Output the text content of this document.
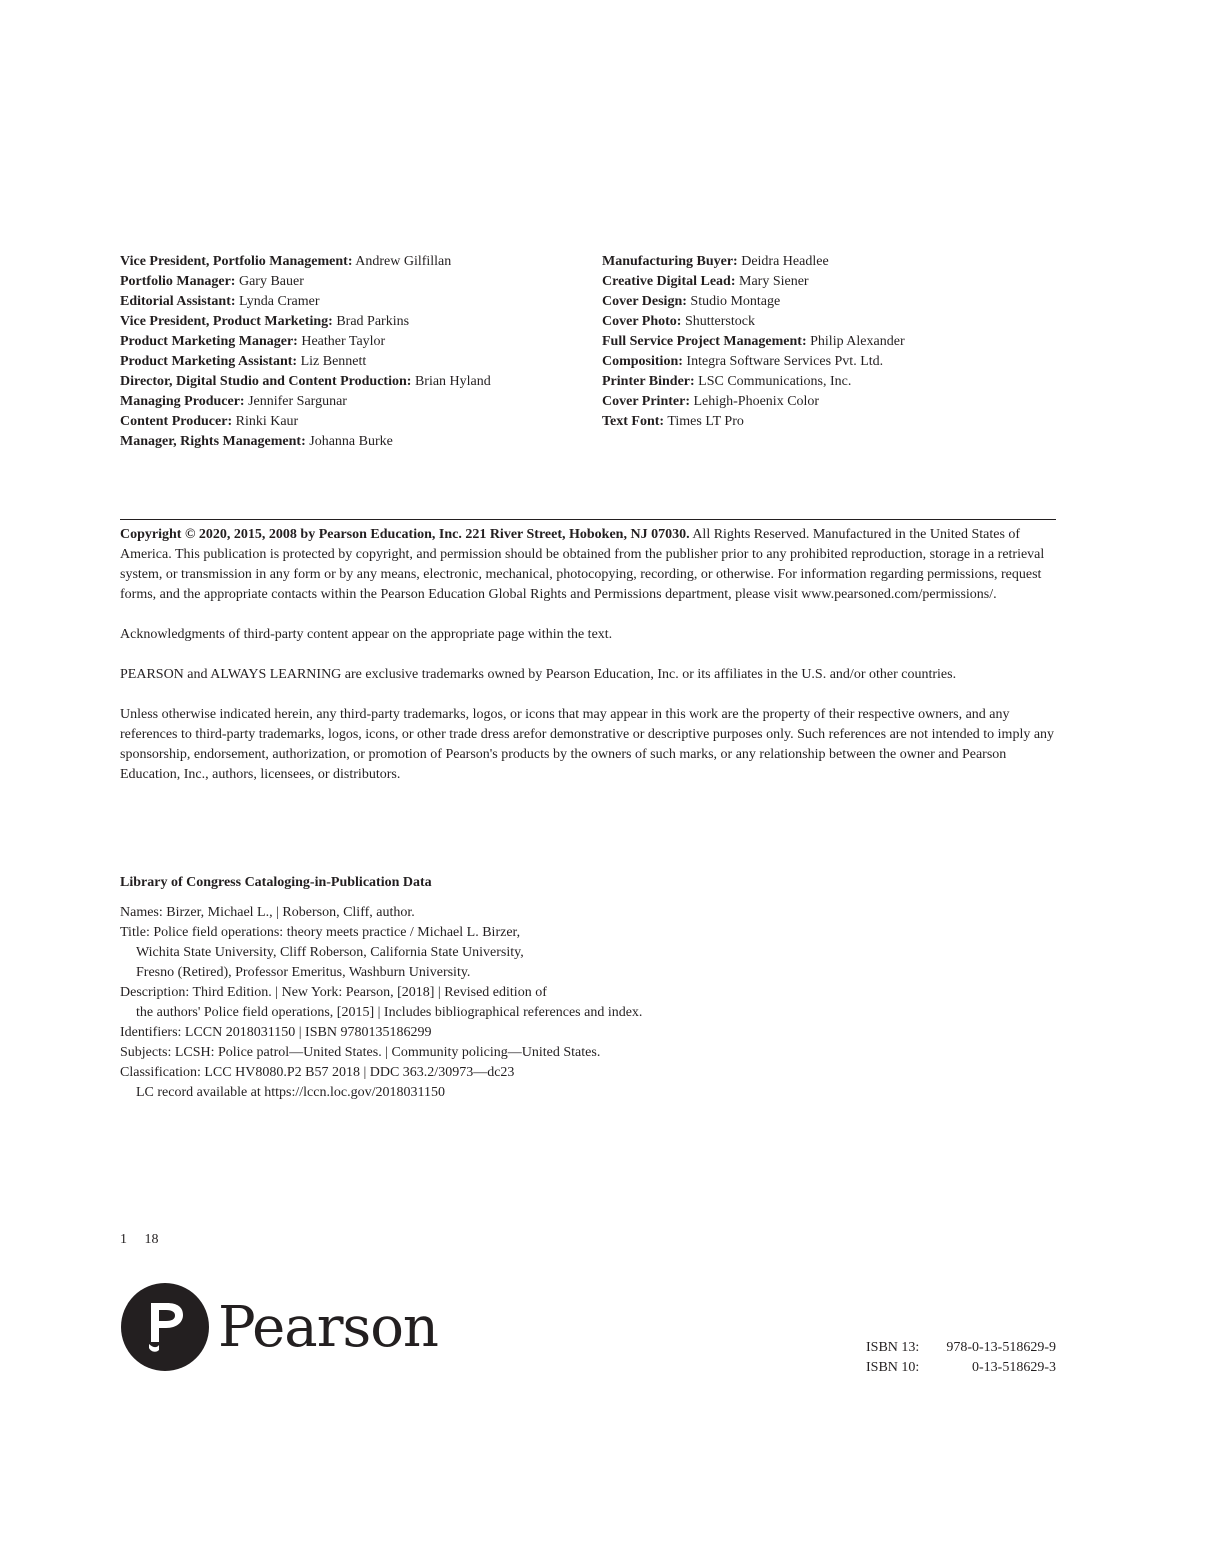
Vice President, Portfolio Management: Andrew Gilfillan
Portfolio Manager: Gary Bauer
Editorial Assistant: Lynda Cramer
Vice President, Product Marketing: Brad Parkins
Product Marketing Manager: Heather Taylor
Product Marketing Assistant: Liz Bennett
Director, Digital Studio and Content Production: Brian Hyland
Managing Producer: Jennifer Sargunar
Content Producer: Rinki Kaur
Manager, Rights Management: Johanna Burke
Manufacturing Buyer: Deidra Headlee
Creative Digital Lead: Mary Siener
Cover Design: Studio Montage
Cover Photo: Shutterstock
Full Service Project Management: Philip Alexander
Composition: Integra Software Services Pvt. Ltd.
Printer Binder: LSC Communications, Inc.
Cover Printer: Lehigh-Phoenix Color
Text Font: Times LT Pro

Copyright © 2020, 2015, 2008 by Pearson Education, Inc. 221 River Street, Hoboken, NJ 07030. All Rights Reserved. Manufactured in the United States of America. This publication is protected by copyright, and permission should be obtained from the publisher prior to any prohibited reproduction, storage in a retrieval system, or transmission in any form or by any means, electronic, mechanical, photocopying, recording, or otherwise. For information regarding permissions, request forms, and the appropriate contacts within the Pearson Education Global Rights and Permissions department, please visit www.pearsoned.com/permissions/.

Acknowledgments of third-party content appear on the appropriate page within the text.

PEARSON and ALWAYS LEARNING are exclusive trademarks owned by Pearson Education, Inc. or its affiliates in the U.S. and/or other countries.

Unless otherwise indicated herein, any third-party trademarks, logos, or icons that may appear in this work are the property of their respective owners, and any references to third-party trademarks, logos, icons, or other trade dress arefor demonstrative or descriptive purposes only. Such references are not intended to imply any sponsorship, endorsement, authorization, or promotion of Pearson's products by the owners of such marks, or any relationship between the owner and Pearson Education, Inc., authors, licensees, or distributors.

Library of Congress Cataloging-in-Publication Data
Names: Birzer, Michael L., | Roberson, Cliff, author.
Title: Police field operations: theory meets practice / Michael L. Birzer,
Wichita State University, Cliff Roberson, California State University,
Fresno (Retired), Professor Emeritus, Washburn University.
Description: Third Edition. | New York: Pearson, [2018] | Revised edition of
the authors' Police field operations, [2015] | Includes bibliographical references and index.
Identifiers: LCCN 2018031150 | ISBN 9780135186299
Subjects: LCSH: Police patrol—United States. | Community policing—United States.
Classification: LCC HV8080.P2 B57 2018 | DDC 363.2/30973—dc23
LC record available at https://lccn.loc.gov/2018031150
1 18
Pearson	ISBN 13: 978-0-13-518629-9
ISBN 10:	0-13-518629-3
